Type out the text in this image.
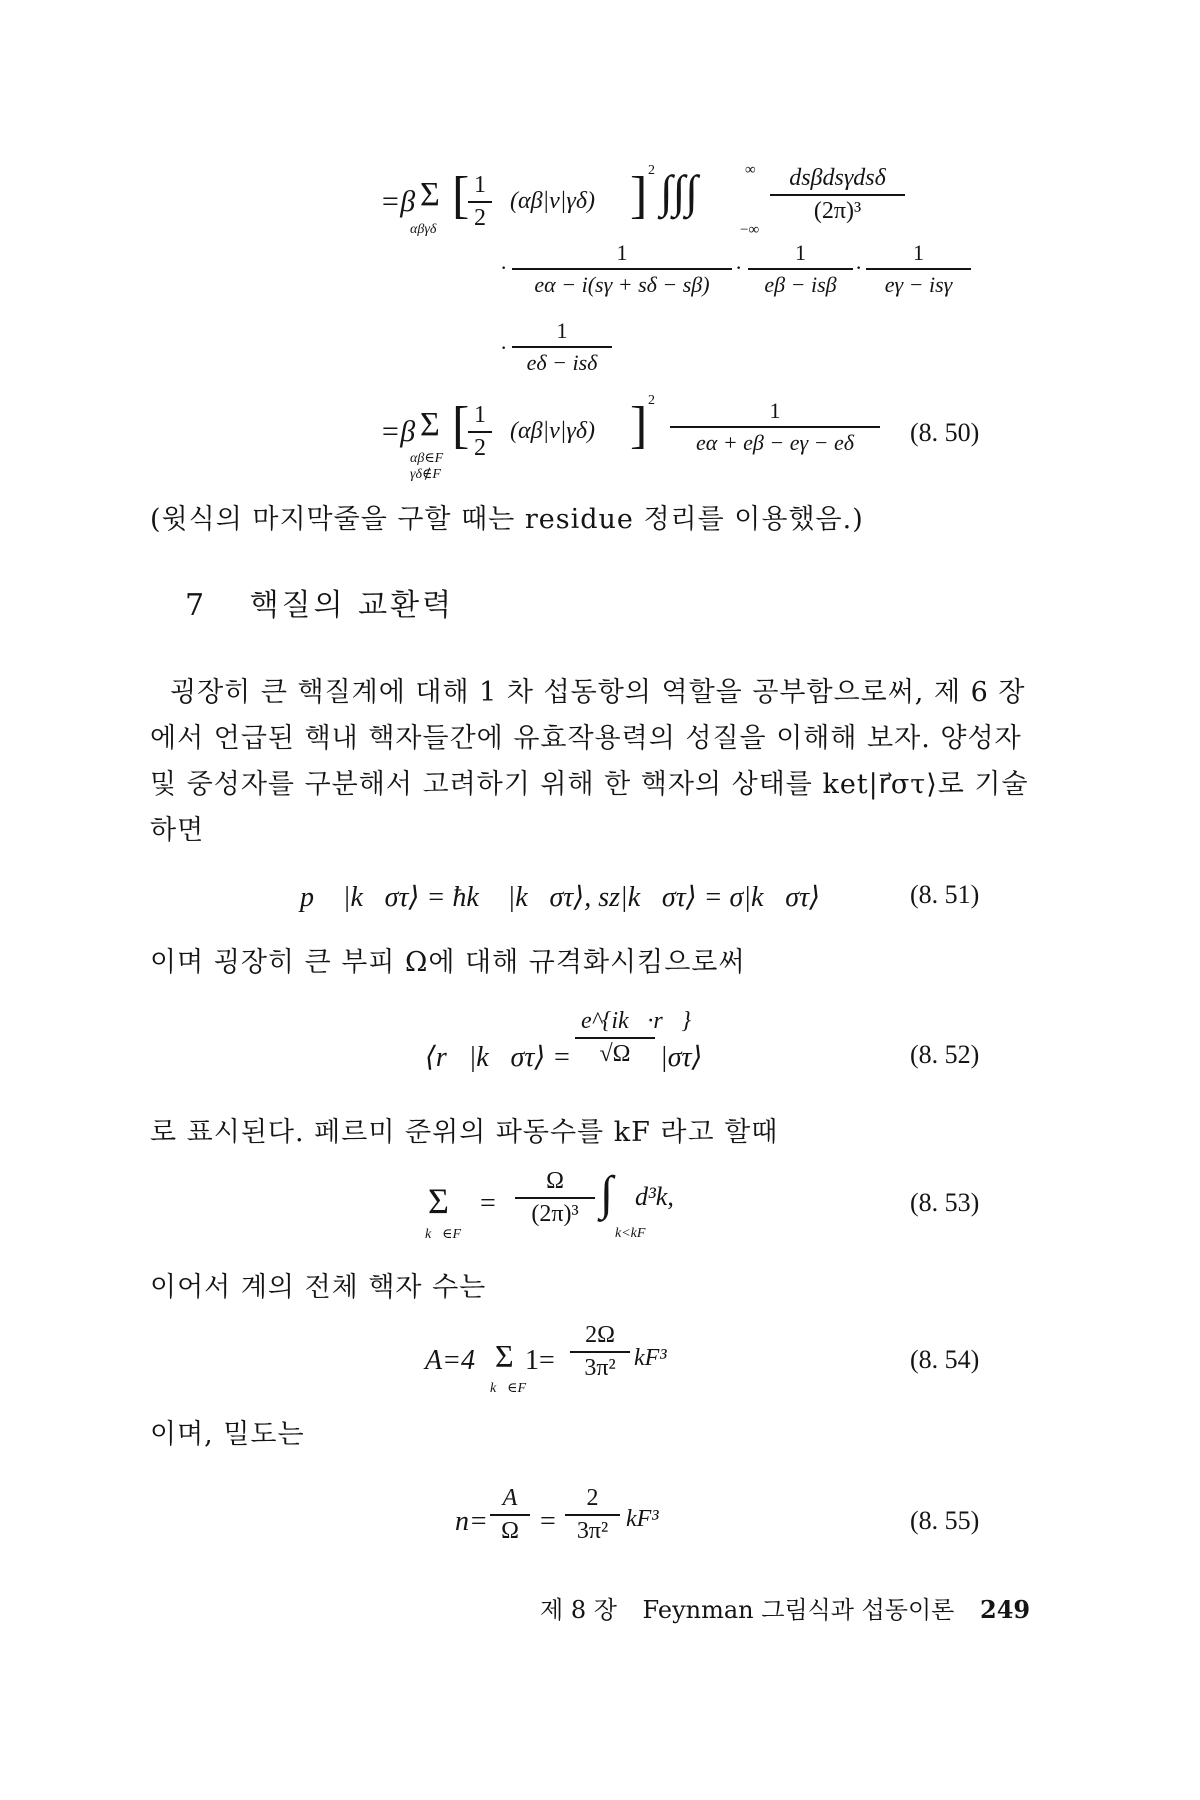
=β Σ
αβγδ
[
$\frac{1}{2} (\alpha\beta|v|\gamma\delta)$ ] 2 ∫∫∫	∞
−∞
dsβdsγdsδ
(2π)³
· $\frac{1}{e\alpha - i(s\gamma + s\delta - s\beta)}$ ·
1
eβ − isβ
·
1
eγ − isγ
·
1
eδ − isδ
=β Σ
αβ∈F
γδ∉F
[
$\frac{1}{2} (\alpha\beta|v|\gamma\delta)$ ] $2 \frac{1}{e\alpha + e\beta - e\gamma - e\delta} (8$. 50)
(윗식의 마지막줄을 구할 때는 residue 정리를 이용했음.)
7 핵질의 교환력
굉장히 큰 핵질계에 대해 1 차 섭동항의 역할을 공부함으로써, 제 6 장에서 언급된 핵내 핵자들간에 유효작용력의 성질을 이해해 보자. 양성자 및 중성자를 구분해서 고려하기 위해 한 핵자의 상태를 ket|r⃗στ⟩로 기술하면
p⃗ |k⃗στ⟩ = ħk⃗ |k⃗στ⟩, sz|k⃗στ⟩ = σ|k⃗στ⟩	(8. 51)
이며 굉장히 큰 부피 Ω에 대해 규격화시킴으로써
⟨r⃗|k⃗στ⟩ = $\frac{e\^{}\{ik⃗\cdot r⃗\}}{√\Omega}$ |στ⟩	(8. 52)
로 표시된다. 페르미 준위의 파동수를 kF 라고 할때
Σ
k⃗∈F
= $\frac{\Omega}{\text{(2π)³}}$ ∫
k<kF
d³k,	(8. 53)
이어서 계의 전체 핵자 수는
A=4 Σ
k⃗∈F
$1= \frac{2\Omega}{\text{3π²}} kF^3$	(8. 54)
이며, 밀도는
$n= \frac{A}{\Omega} = \frac{2}{\text{3π²}} kF^3$	(8. 55)
제 8 장 Feynman 그림식과 섭동이론 249
